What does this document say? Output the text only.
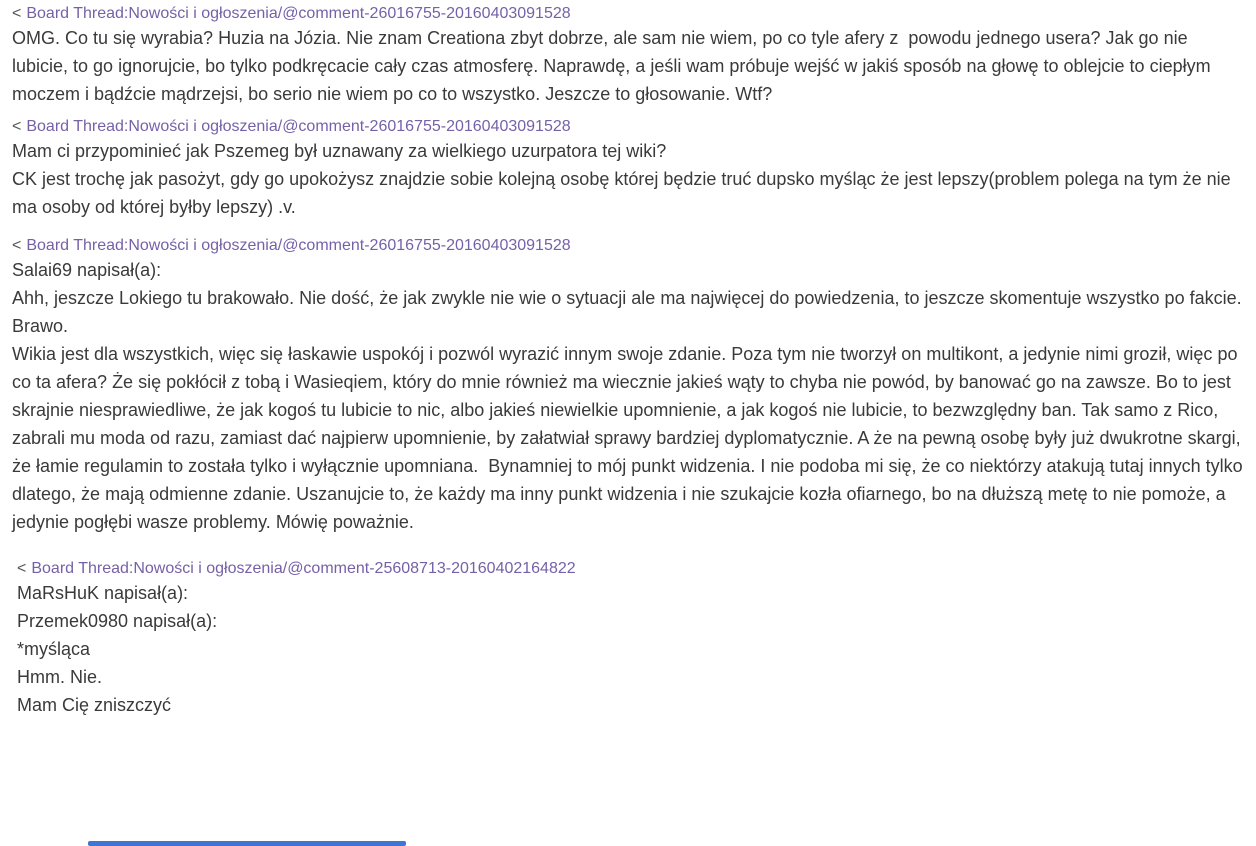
< Board Thread:Nowości i ogłoszenia/@comment-26016755-20160403091528

OMG. Co tu się wyrabia? Huzia na Józia. Nie znam Creationa zbyt dobrze, ale sam nie wiem, po co tyle afery z  powodu jednego usera? Jak go nie lubicie, to go ignorujcie, bo tylko podkręcacie cały czas atmosferę. Naprawdę, a jeśli wam próbuje wejść w jakiś sposób na głowę to oblejcie to ciepłym moczem i bądźcie mądrzejsi, bo serio nie wiem po co to wszystko. Jeszcze to głosowanie. Wtf?

< Board Thread:Nowości i ogłoszenia/@comment-26016755-20160403091528

Mam ci przypominieć jak Pszemeg był uznawany za wielkiego uzurpatora tej wiki?

CK jest trochę jak pasożyt, gdy go upokożysz znajdzie sobie kolejną osobę której będzie truć dupsko myśląc że jest lepszy(problem polega na tym że nie ma osoby od której byłby lepszy) .v.

< Board Thread:Nowości i ogłoszenia/@comment-26016755-20160403091528

Salai69 napisał(a):

Ahh, jeszcze Lokiego tu brakowało. Nie dość, że jak zwykle nie wie o sytuacji ale ma najwięcej do powiedzenia, to jeszcze skomentuje wszystko po fakcie. Brawo.

Wikia jest dla wszystkich, więc się łaskawie uspokój i pozwól wyrazić innym swoje zdanie. Poza tym nie tworzył on multikont, a jedynie nimi groził, więc po co ta afera? Że się pokłócił z tobą i Wasieqiem, który do mnie również ma wiecznie jakieś wąty to chyba nie powód, by banować go na zawsze. Bo to jest skrajnie niesprawiedliwe, że jak kogoś tu lubicie to nic, albo jakieś niewielkie upomnienie, a jak kogoś nie lubicie, to bezwzględny ban. Tak samo z Rico, zabrali mu moda od razu, zamiast dać najpierw upomnienie, by załatwiał sprawy bardziej dyplomatycznie. A że na pewną osobę były już dwukrotne skargi, że łamie regulamin to została tylko i wyłącznie upomniana.  Bynamniej to mój punkt widzenia. I nie podoba mi się, że co niektórzy atakują tutaj innych tylko dlatego, że mają odmienne zdanie. Uszanujcie to, że każdy ma inny punkt widzenia i nie szukajcie kozła ofiarnego, bo na dłuższą metę to nie pomoże, a jedynie pogłębi wasze problemy. Mówię poważnie.

< Board Thread:Nowości i ogłoszenia/@comment-25608713-20160402164822

MaRsHuK napisał(a):

Przemek0980 napisał(a):

*myśląca

Hmm. Nie.

Mam Cię zniszczyć
